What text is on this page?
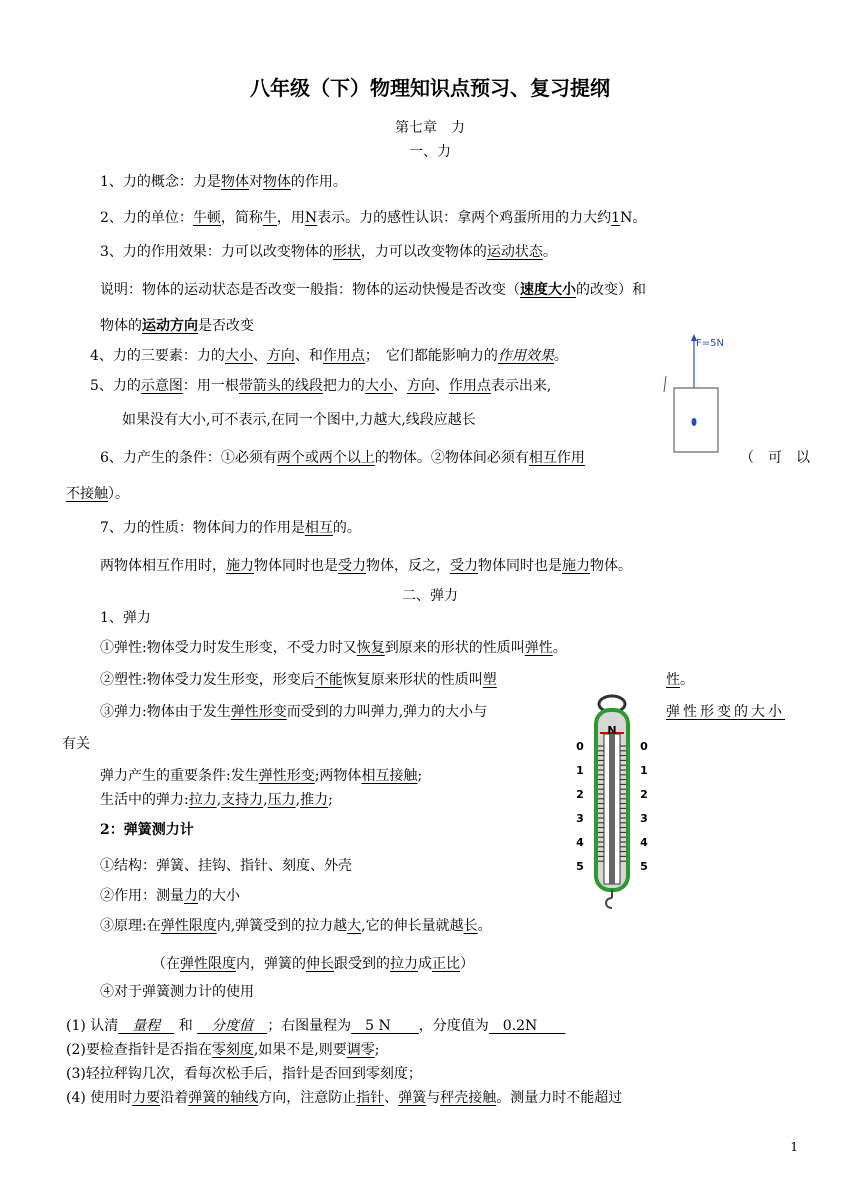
八年级（下）物理知识点预习、复习提纲
第七章　力
一、力
1、力的概念：力是物体对物体的作用。
2、力的单位：牛顿，简称牛，用N表示。力的感性认识：拿两个鸡蛋所用的力大约1N。
3、力的作用效果：力可以改变物体的形状，力可以改变物体的运动状态。
说明：物体的运动状态是否改变一般指：物体的运动快慢是否改变（速度大小的改变）和
物体的运动方向是否改变
4、力的三要素：力的大小、方向、和作用点；　它们都能影响力的作用效果。
5、力的示意图：用一根带箭头的线段把力的大小、方向、作用点表示出来,
如果没有大小,可不表示,在同一个图中,力越大,线段应越长
F=5N
6、力产生的条件：①必须有两个或两个以上的物体。②物体间必须有相互作用	（　可　以
不接触）。
7、力的性质：物体间力的作用是相互的。
两物体相互作用时，施力物体同时也是受力物体，反之，受力物体同时也是施力物体。
二、弹力
1、弹力
①弹性:物体受力时发生形变，不受力时又恢复到原来的形状的性质叫弹性。
②塑性:物体受力发生形变，形变后不能恢复原来形状的性质叫塑	性。
③弹力:物体由于发生弹性形变而受到的力叫弹力,弹力的大小与	弹性形变的大小
有关
弹力产生的重要条件:发生弹性形变;两物体相互接触;
生活中的弹力:拉力,支持力,压力,推力;
2：弹簧测力计
①结构：弹簧、挂钩、指针、刻度、外壳
②作用：测量力的大小
③原理:在弹性限度内,弹簧受到的拉力越大,它的伸长量就越长。
（在弹性限度内，弹簧的伸长跟受到的拉力成正比）
④对于弹簧测力计的使用
(1) 认清　量程　 和 　分度值　；右图量程为　5 N　　，分度值为　0.2N　　
(2)要检查指针是否指在零刻度,如果不是,则要调零;
(3)轻拉秤钩几次，看每次松手后，指针是否回到零刻度；
(4) 使用时力要沿着弹簧的轴线方向，注意防止指针、弹簧与秤壳接触。测量力时不能超过
N
0	0
1	1
2	2
3	3
4	4
5	5
1
